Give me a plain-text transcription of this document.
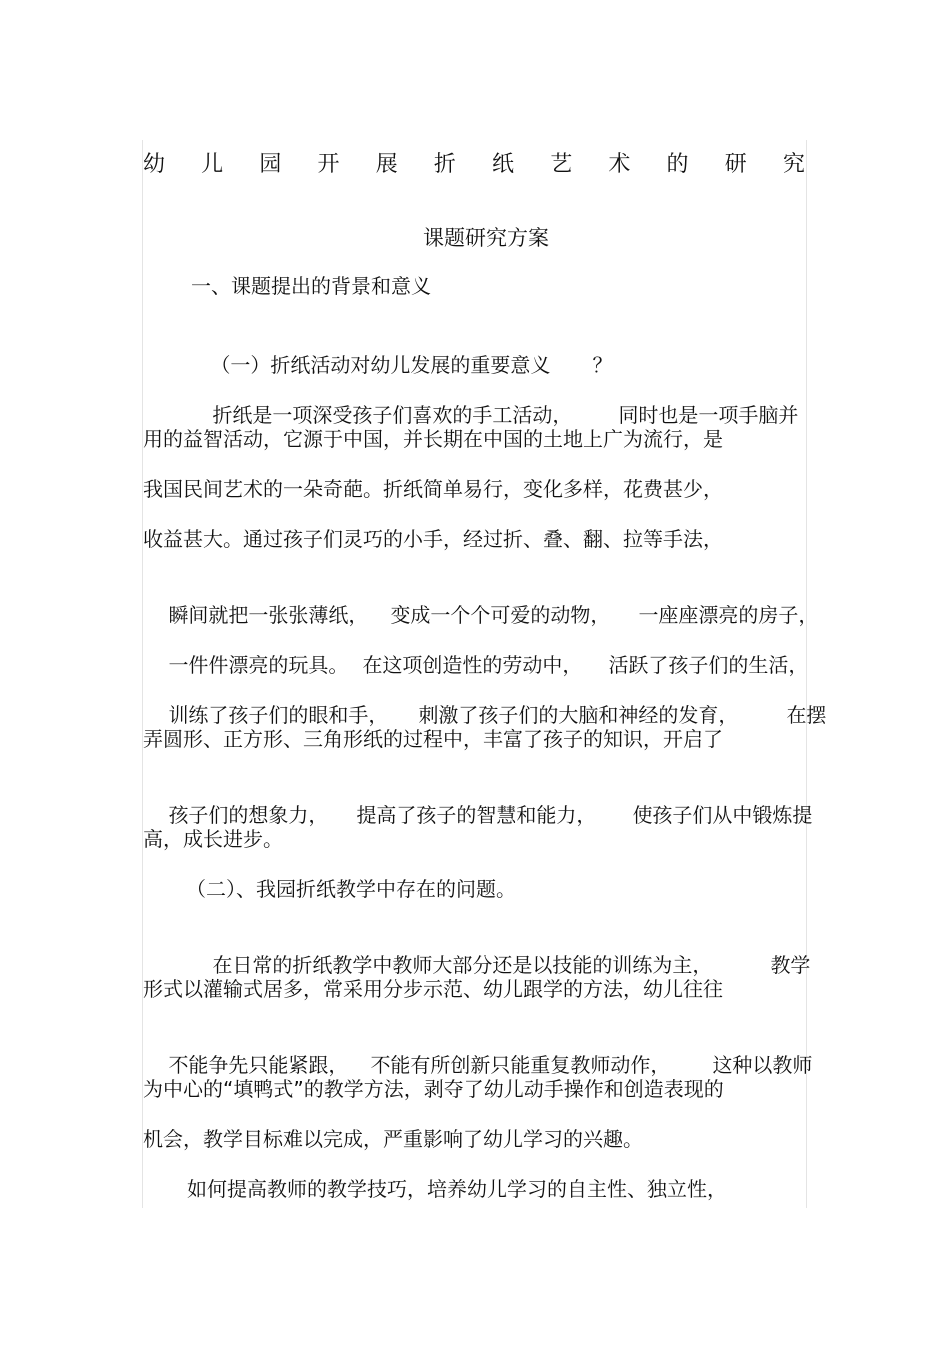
幼 儿 园 开 展 折 纸 艺 术 的 研 究
课题研究方案
一、课题提出的背景和意义

（一）折纸活动对幼儿发展的重要意义 ？

折纸是一项深受孩子们喜欢的手工活动， 同时也是一项手脑并

用的益智活动，它源于中国，并长期在中国的土地上广为流行，是
我国民间艺术的一朵奇葩。折纸简单易行，变化多样，花费甚少，
收益甚大。通过孩子们灵巧的小手，经过折、叠、翻、拉等手法，

瞬间就把一张张薄纸， 变成一个个可爱的动物， 一座座漂亮的房子，

一件件漂亮的玩具。 在这项创造性的劳动中， 活跃了孩子们的生活，

训练了孩子们的眼和手， 刺激了孩子们的大脑和神经的发育， 在摆

弄圆形、正方形、三角形纸的过程中，丰富了孩子的知识，开启了

孩子们的想象力， 提高了孩子的智慧和能力， 使孩子们从中锻炼提

高，成长进步。
（二）、我园折纸教学中存在的问题。

在日常的折纸教学中教师大部分还是以技能的训练为主，	教学

形式以灌输式居多，常采用分步示范、幼儿跟学的方法，幼儿往往

不能争先只能紧跟， 不能有所创新只能重复教师动作， 这种以教师

为中心的“填鸭式”的教学方法，剥夺了幼儿动手操作和创造表现的
机会，教学目标难以完成，严重影响了幼儿学习的兴趣。
如何提高教师的教学技巧，培养幼儿学习的自主性、独立性，
